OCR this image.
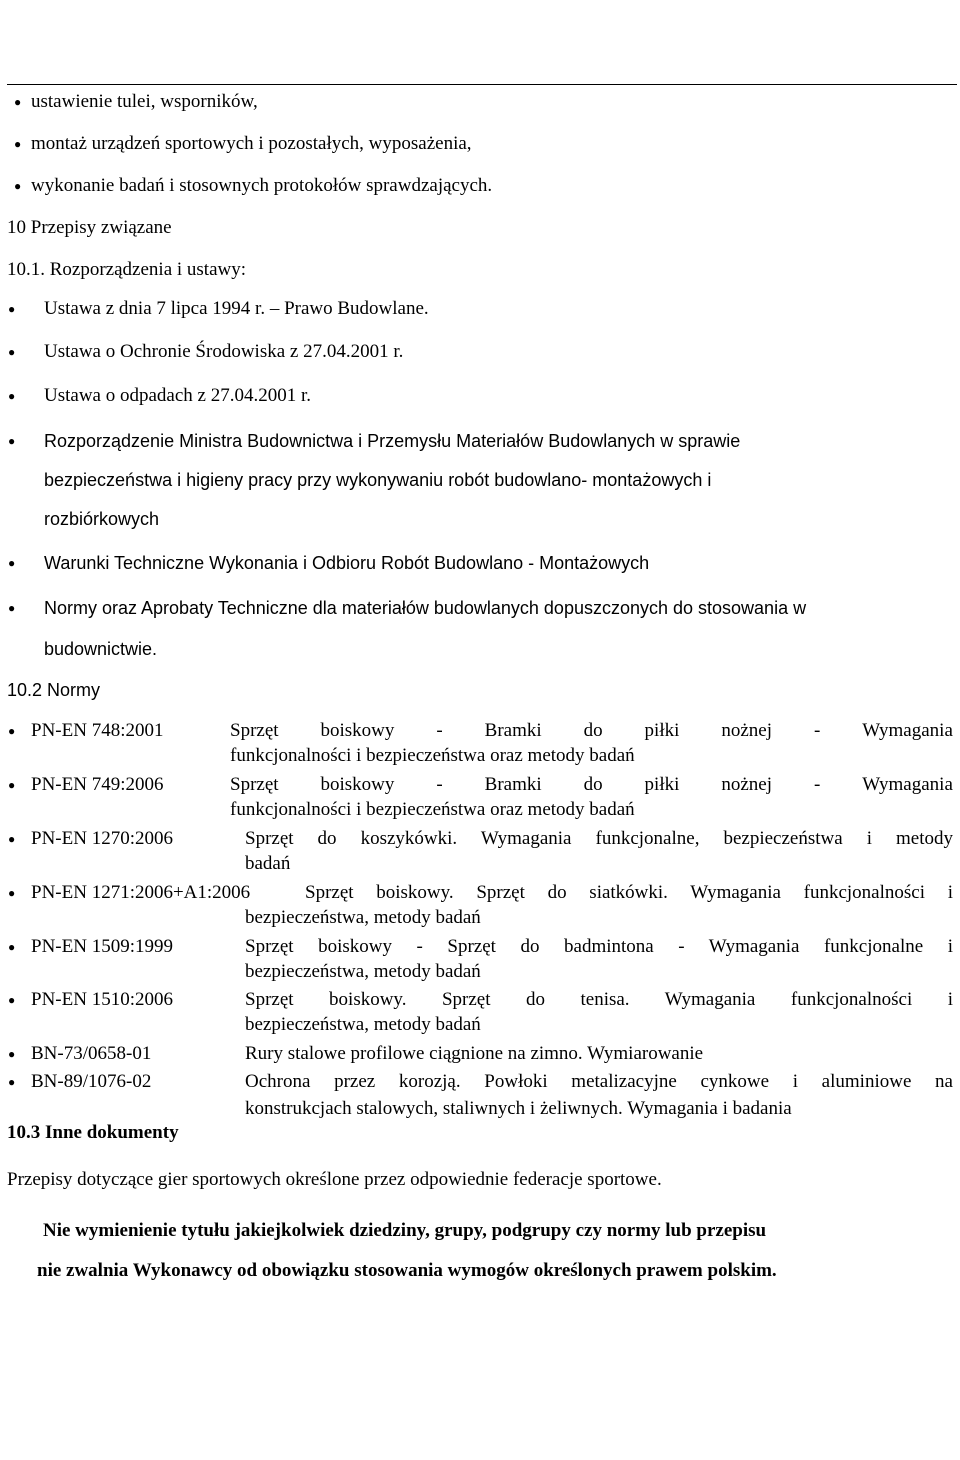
●
ustawienie tulei, wsporników,
●
montaż urządzeń sportowych i pozostałych, wyposażenia,
●
wykonanie badań i stosownych protokołów sprawdzających.
10 Przepisy związane
10.1. Rozporządzenia i ustawy:
●
Ustawa z dnia 7 lipca 1994 r. – Prawo Budowlane.
●
Ustawa o Ochronie Środowiska z 27.04.2001 r.
●
Ustawa o odpadach z 27.04.2001 r.
●
Rozporządzenie Ministra Budownictwa i Przemysłu Materiałów Budowlanych w sprawie
bezpieczeństwa i higieny pracy przy wykonywaniu robót budowlano- montażowych i
rozbiórkowych
●
Warunki Techniczne Wykonania i Odbioru Robót Budowlano - Montażowych
●
Normy oraz Aprobaty Techniczne dla materiałów budowlanych dopuszczonych do stosowania w
budownictwie.
10.2 Normy
●
PN-EN 748:2001	Sprzęt boiskowy - Bramki do piłki nożnej - Wymagania
funkcjonalności i bezpieczeństwa oraz metody badań
●
PN-EN 749:2006	Sprzęt boiskowy - Bramki do piłki nożnej - Wymagania
funkcjonalności i bezpieczeństwa oraz metody badań
●
PN-EN 1270:2006	Sprzęt do koszykówki. Wymagania funkcjonalne, bezpieczeństwa i metody
badań
●
PN-EN 1271:2006+A1:2006	Sprzęt boiskowy. Sprzęt do siatkówki. Wymagania funkcjonalności i
bezpieczeństwa, metody badań
●
PN-EN 1509:1999	Sprzęt boiskowy - Sprzęt do badmintona - Wymagania funkcjonalne i
bezpieczeństwa, metody badań
●
PN-EN 1510:2006	Sprzęt boiskowy. Sprzęt do tenisa. Wymagania funkcjonalności i
bezpieczeństwa, metody badań
●
BN-73/0658-01	Rury stalowe profilowe ciągnione na zimno. Wymiarowanie
●
BN-89/1076-02	Ochrona przez korozją. Powłoki metalizacyjne cynkowe i aluminiowe na
konstrukcjach stalowych, staliwnych i żeliwnych. Wymagania i badania
10.3 Inne dokumenty
Przepisy dotyczące gier sportowych określone przez odpowiednie federacje sportowe.
Nie wymienienie tytułu jakiejkolwiek dziedziny, grupy, podgrupy czy normy lub przepisu
nie zwalnia Wykonawcy od obowiązku stosowania wymogów określonych prawem polskim.
